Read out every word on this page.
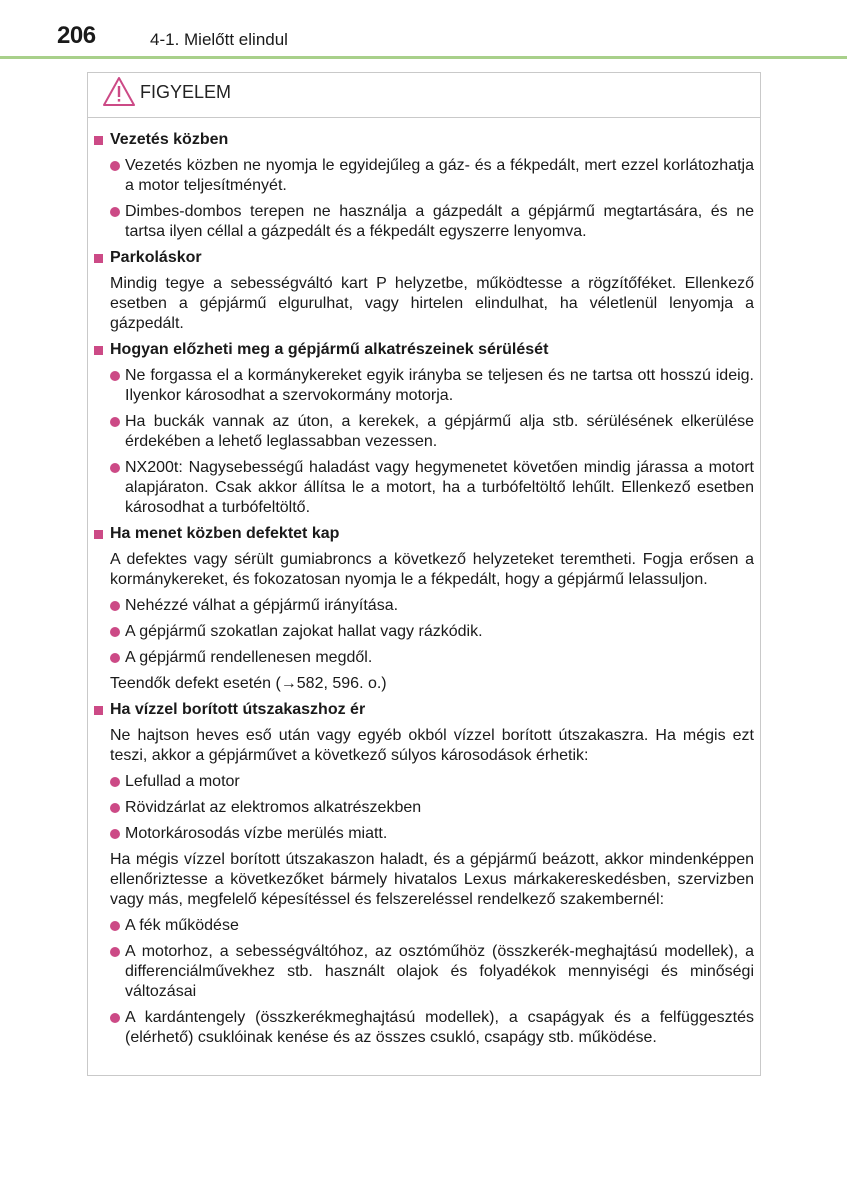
206	4-1. Mielőtt elindul
FIGYELEM
Vezetés közben
Vezetés közben ne nyomja le egyidejűleg a gáz- és a fékpedált, mert ezzel korlátozhatja a motor teljesítményét.
Dimbes-dombos terepen ne használja a gázpedált a gépjármű megtartására, és ne tartsa ilyen céllal a gázpedált és a fékpedált egyszerre lenyomva.
Parkoláskor
Mindig tegye a sebességváltó kart P helyzetbe, működtesse a rögzítőféket. Ellenkező esetben a gépjármű elgurulhat, vagy hirtelen elindulhat, ha véletlenül lenyomja a gázpedált.
Hogyan előzheti meg a gépjármű alkatrészeinek sérülését
Ne forgassa el a kormánykereket egyik irányba se teljesen és ne tartsa ott hosszú ideig. Ilyenkor károsodhat a szervokormány motorja.
Ha buckák vannak az úton, a kerekek, a gépjármű alja stb. sérülésének elkerülése érdekében a lehető leglassabban vezessen.
NX200t: Nagysebességű haladást vagy hegymenetet követően mindig járassa a motort alapjáraton. Csak akkor állítsa le a motort, ha a turbófeltöltő lehűlt. Ellenkező esetben károsodhat a turbófeltöltő.
Ha menet közben defektet kap
A defektes vagy sérült gumiabroncs a következő helyzeteket teremtheti. Fogja erősen a kormánykereket, és fokozatosan nyomja le a fékpedált, hogy a gépjármű lelassuljon.
Nehézzé válhat a gépjármű irányítása.
A gépjármű szokatlan zajokat hallat vagy rázkódik.
A gépjármű rendellenesen megdől.
Teendők defekt esetén (→582, 596. o.)
Ha vízzel borított útszakaszhoz ér
Ne hajtson heves eső után vagy egyéb okból vízzel borított útszakaszra. Ha mégis ezt teszi, akkor a gépjárművet a következő súlyos károsodások érhetik:
Lefullad a motor
Rövidzárlat az elektromos alkatrészekben
Motorkárosodás vízbe merülés miatt.
Ha mégis vízzel borított útszakaszon haladt, és a gépjármű beázott, akkor mindenképpen ellenőriztesse a következőket bármely hivatalos Lexus márkakereskedésben, szervizben vagy más, megfelelő képesítéssel és felszereléssel rendelkező szakembernél:
A fék működése
A motorhoz, a sebességváltóhoz, az osztóműhöz (összkerék-meghajtású modellek), a differenciálművekhez stb. használt olajok és folyadékok mennyiségi és minőségi változásai
A kardántengely (összkerékmeghajtású modellek), a csapágyak és a felfüggesztés (elérhető) csuklóinak kenése és az összes csukló, csapágy stb. működése.
